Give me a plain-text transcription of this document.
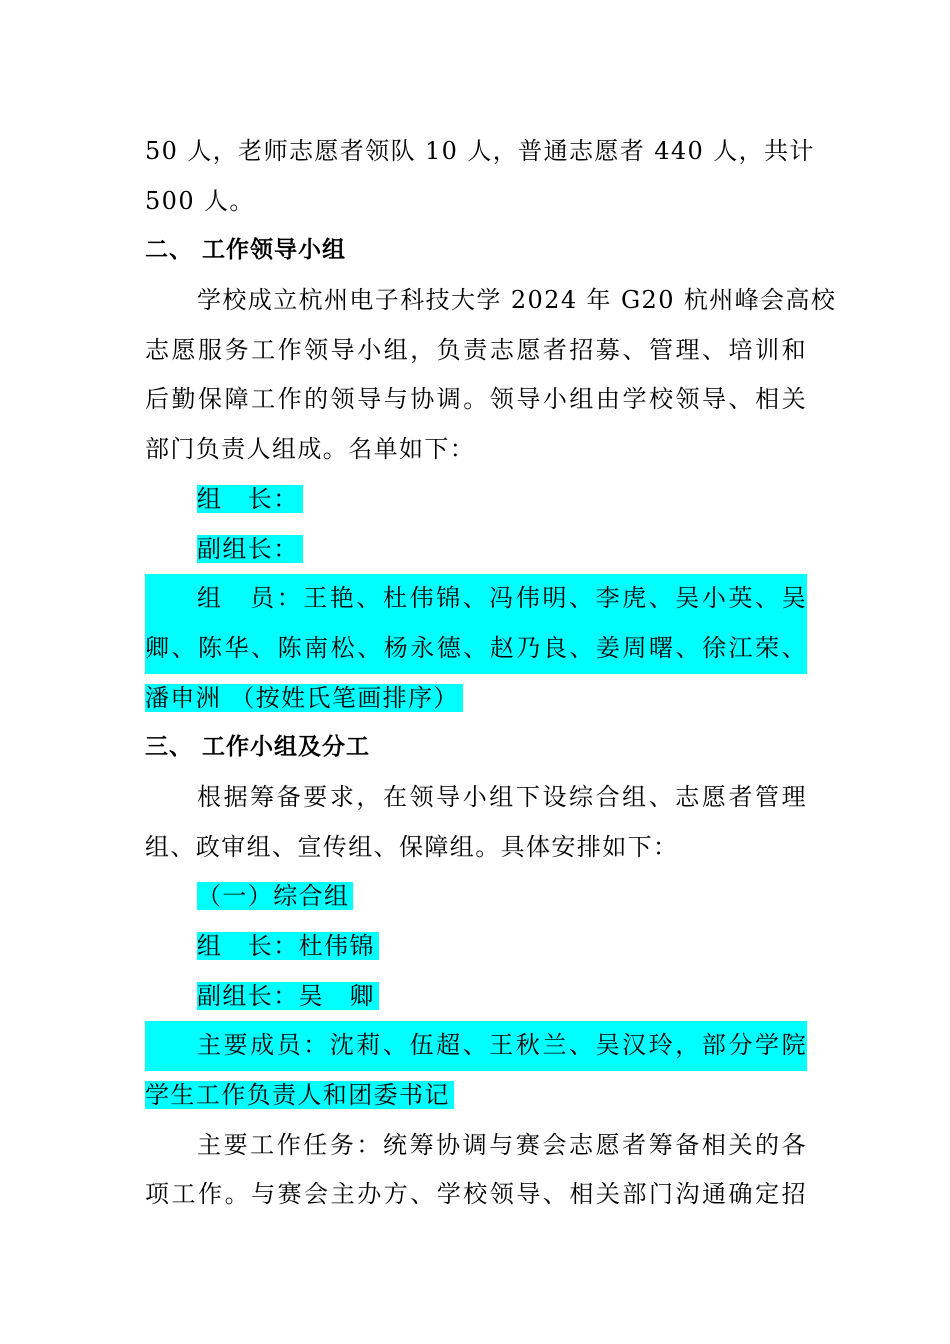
50 人，老师志愿者领队 10 人，普通志愿者 440 人，共计
500 人。
二、 工作领导小组
学校成立杭州电子科技大学 2024 年 G20 杭州峰会高校
志愿服务工作领导小组，负责志愿者招募、管理、培训和
后勤保障工作的领导与协调。领导小组由学校领导、相关
部门负责人组成。名单如下：
组　长：
副组长：
组　员：王艳、杜伟锦、冯伟明、李虎、吴小英、吴
卿、陈华、陈南松、杨永德、赵乃良、姜周曙、徐江荣、
潘申洲 （按姓氏笔画排序）
三、 工作小组及分工
根据筹备要求，在领导小组下设综合组、志愿者管理
组、政审组、宣传组、保障组。具体安排如下：
（一）综合组
组　长：杜伟锦
副组长：吴　卿
主要成员：沈莉、伍超、王秋兰、吴汉玲，部分学院
学生工作负责人和团委书记
主要工作任务：统筹协调与赛会志愿者筹备相关的各
项工作。与赛会主办方、学校领导、相关部门沟通确定招
